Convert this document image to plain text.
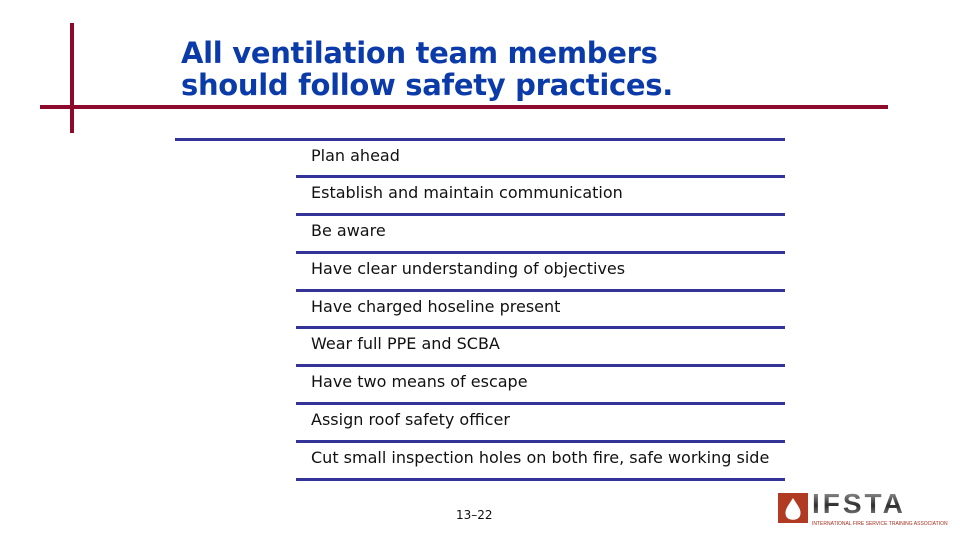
All ventilation team members
should follow safety practices.
Plan ahead
Establish and maintain communication
Be aware
Have clear understanding of objectives
Have charged hoseline present
Wear full PPE and SCBA
Have two means of escape
Assign roof safety officer
Cut small inspection holes on both fire, safe working side
13–22	IFSTA
INTERNATIONAL FIRE SERVICE TRAINING ASSOCIATION
